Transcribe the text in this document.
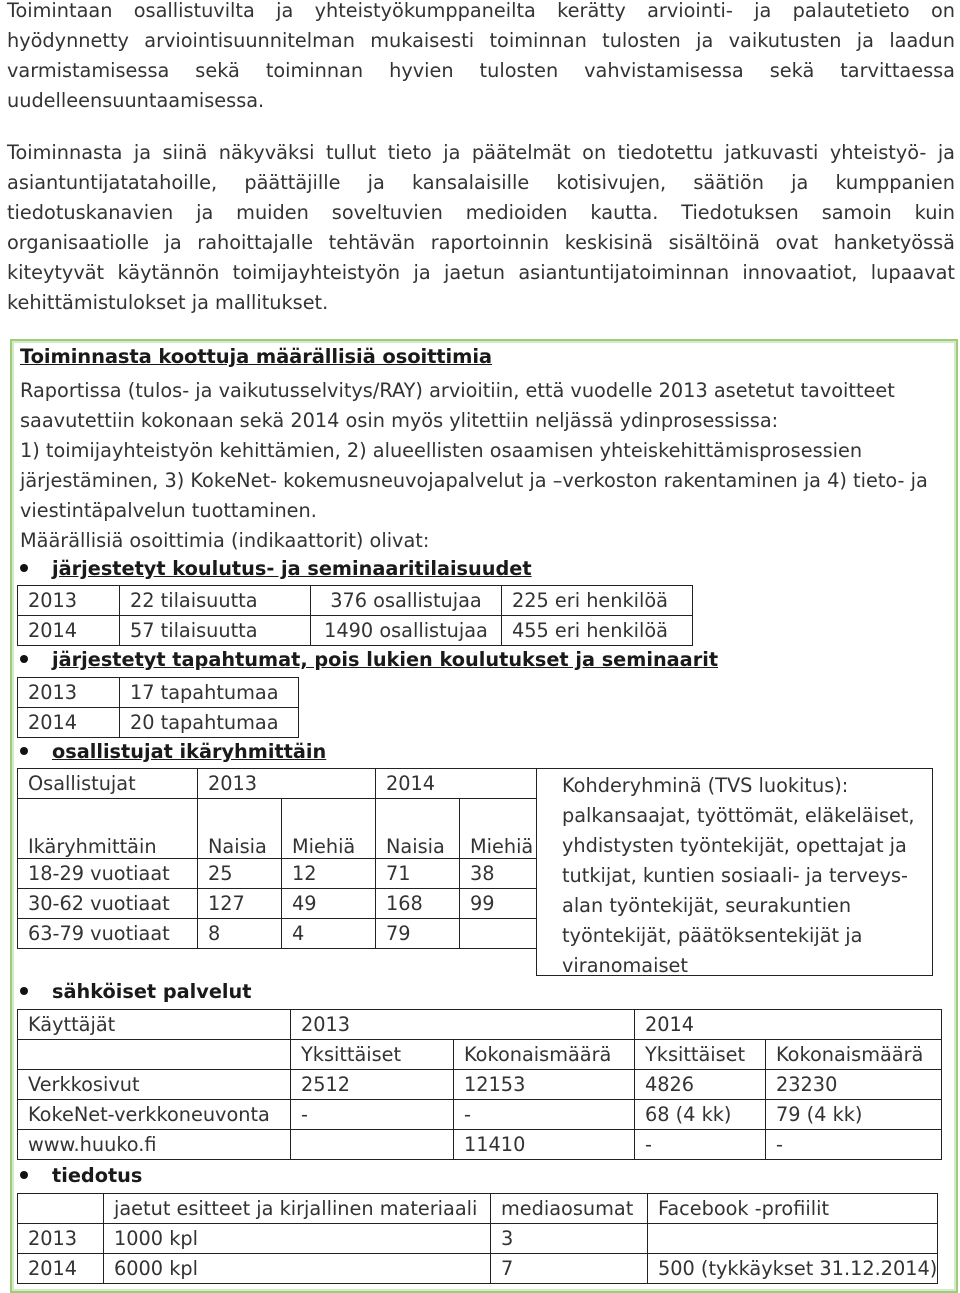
Toimintaan osallistuvilta ja yhteistyökumppaneilta kerätty arviointi- ja palautetieto on hyödynnetty arviointisuunnitelman mukaisesti toiminnan tulosten ja vaikutusten ja laadun varmistamisessa sekä toiminnan hyvien tulosten vahvistamisessa sekä tarvittaessa uudelleensuuntaamisessa.

Toiminnasta ja siinä näkyväksi tullut tieto ja päätelmät on tiedotettu jatkuvasti yhteistyö- ja asiantuntijatatahoille, päättäjille ja kansalaisille kotisivujen, säätiön ja kumppanien tiedotuskanavien ja muiden soveltuvien medioiden kautta. Tiedotuksen samoin kuin organisaatiolle ja rahoittajalle tehtävän raportoinnin keskisinä sisältöinä ovat hanketyössä kiteytyvät käytännön toimijayhteistyön ja jaetun asiantuntijatoiminnan innovaatiot, lupaavat kehittämistulokset ja mallitukset.

Toiminnasta koottuja määrällisiä osoittimia

Raportissa (tulos- ja vaikutusselvitys/RAY) arvioitiin, että vuodelle 2013 asetetut tavoitteet

saavutettiin kokonaan sekä 2014 osin myös ylitettiin neljässä ydinprosessissa:

1) toimijayhteistyön kehittämien, 2) alueellisten osaamisen yhteiskehittämisprosessien

järjestäminen, 3) KokeNet- kokemusneuvojapalvelut ja –verkoston rakentaminen ja 4) tieto- ja

viestintäpalvelun tuottaminen.

Määrällisiä osoittimia (indikaattorit) olivat:

järjestetyt koulutus- ja seminaaritilaisuudet
2013	22 tilaisuutta	376 osallistujaa	225 eri henkilöä
2014	57 tilaisuutta	1490 osallistujaa	455 eri henkilöä
järjestetyt tapahtumat, pois lukien koulutukset ja seminaarit
2013	17 tapahtumaa
2014	20 tapahtumaa
osallistujat ikäryhmittäin
Osallistujat	2013		2014		
Ikäryhmittäin	Naisia	Miehiä	Naisia	Miehiä	
18-29 vuotiaat	25	12	71	38	
30-62 vuotiaat	127	49	168	99	
63-79 vuotiaat	8	4	79		

Kohderyhminä (TVS luokitus):
palkansaajat, työttömät, eläkeläiset,
yhdistysten työntekijät, opettajat ja
tutkijat, kuntien sosiaali- ja terveys-
alan työntekijät, seurakuntien
työntekijät, päätöksentekijät ja
viranomaiset
sähköiset palvelut
Käyttäjät	2013		2014	
	Yksittäiset	Kokonaismäärä	Yksittäiset	Kokonaismäärä
Verkkosivut	2512	12153	4826	23230
KokeNet-verkkoneuvonta	-	-	68 (4 kk)	79 (4 kk)
www.huuko.fi		11410	-	-
tiedotus
	jaetut esitteet ja kirjallinen materiaali	mediaosumat	Facebook -profiilit
2013	1000 kpl	3	
2014	6000 kpl	7	500 (tykkäykset 31.12.2014)
